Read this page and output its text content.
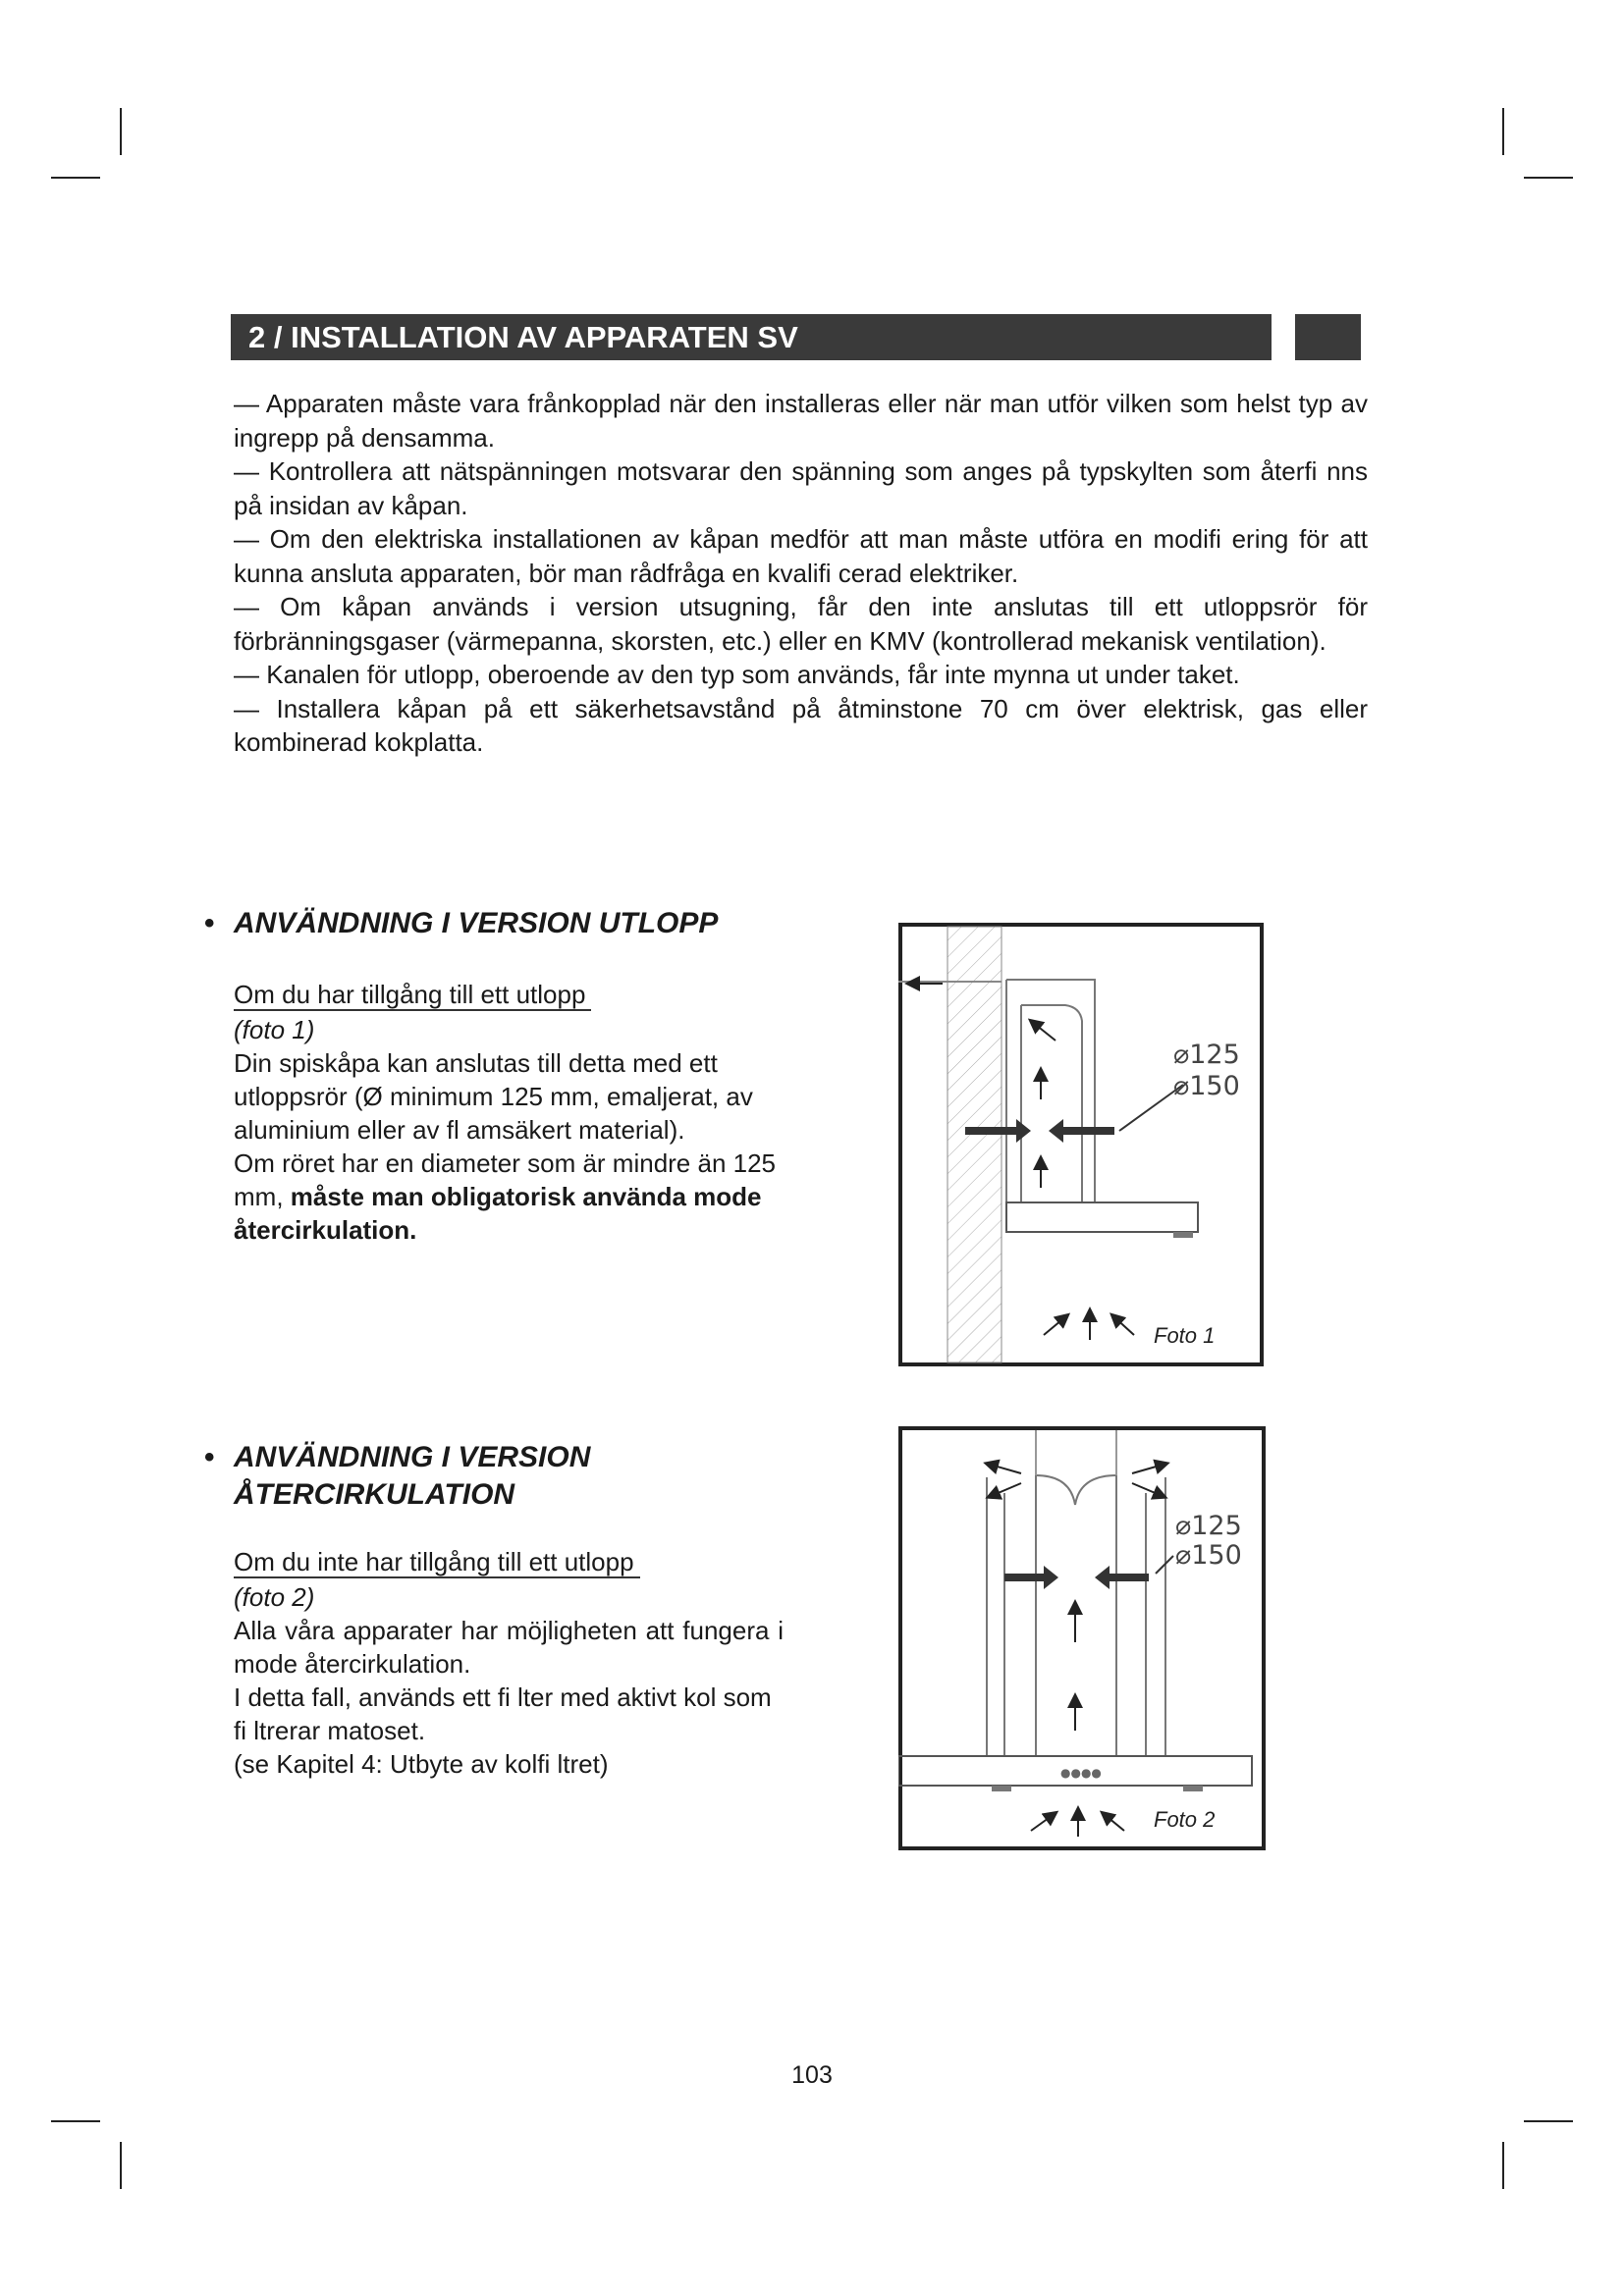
2 / INSTALLATION AV APPARATEN SV

— Apparaten måste vara frånkopplad när den installeras eller när man utför vilken som helst typ av ingrepp på densamma.

— Kontrollera att nätspänningen motsvarar den spänning som anges på typskylten som återfi nns på insidan av kåpan.

— Om den elektriska installationen av kåpan medför att man måste utföra en modifi ering för att kunna ansluta apparaten, bör man rådfråga en kvalifi cerad elektriker.

— Om kåpan används i version utsugning, får den inte anslutas till ett utloppsrör för förbränningsgaser (värmepanna, skorsten, etc.) eller en KMV (kontrollerad mekanisk ventilation).

— Kanalen för utlopp, oberoende av den typ som används, får inte mynna ut under taket.

— Installera kåpan på ett säkerhetsavstånd på åtminstone 70 cm över elektrisk, gas eller kombinerad kokplatta.

• ANVÄNDNING I VERSION UTLOPP
Om du har tillgång till ett utlopp

(foto 1)

Din spiskåpa kan anslutas till detta med ett utloppsrör (Ø minimum 125 mm, emaljerat, av aluminium eller av fl amsäkert material).

Om röret har en diameter som är mindre än 125 mm, måste man obligatorisk använda mode återcirkulation.

• ANVÄNDNING I VERSION
ÅTERCIRKULATION
Om du inte har tillgång till ett utlopp

(foto 2)

Alla våra apparater har möjligheten att fungera i mode återcirkulation.

I detta fall, används ett fi lter med aktivt kol som fi ltrerar matoset.

(se Kapitel 4: Utbyte av kolfi ltret)

⌀125
⌀150
Foto 1
●●●●
⌀125
⌀150
Foto 2
103
